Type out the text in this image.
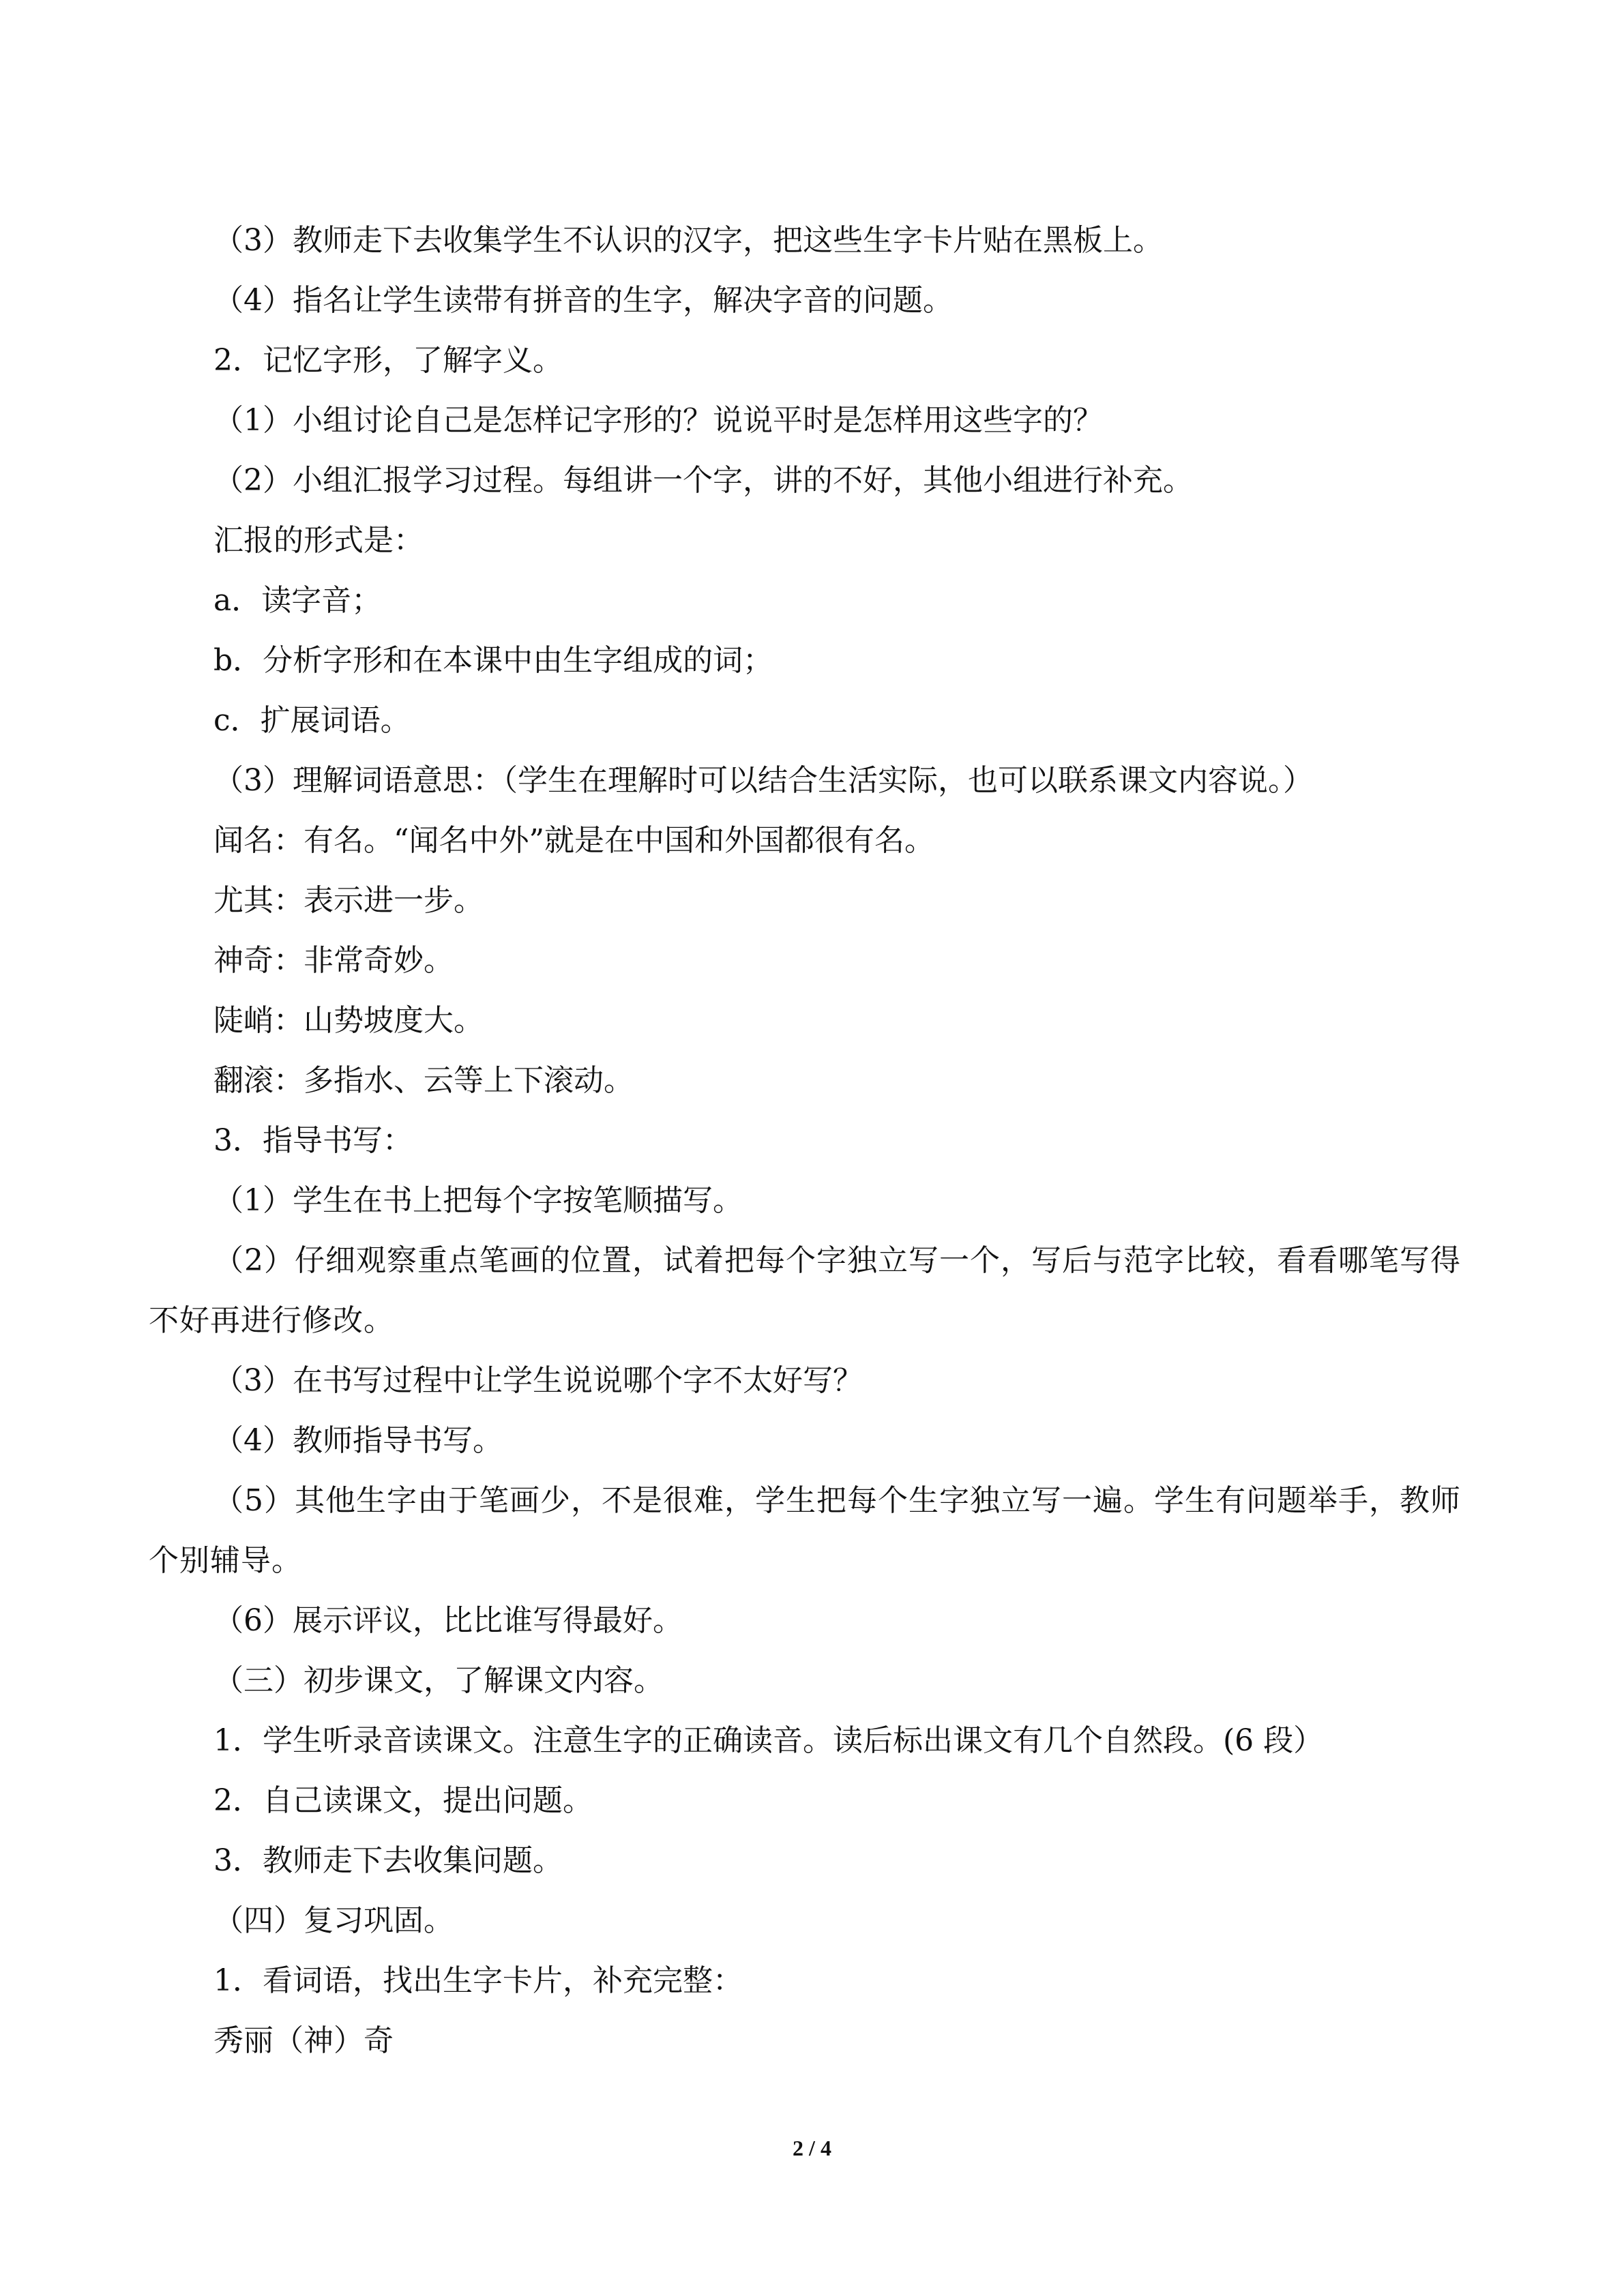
（3）教师走下去收集学生不认识的汉字，把这些生字卡片贴在黑板上。
（4）指名让学生读带有拼音的生字，解决字音的问题。
2．记忆字形，了解字义。
（1）小组讨论自己是怎样记字形的？说说平时是怎样用这些字的？
（2）小组汇报学习过程。每组讲一个字，讲的不好，其他小组进行补充。
汇报的形式是：
a．读字音；
b．分析字形和在本课中由生字组成的词；
c．扩展词语。
（3）理解词语意思：（学生在理解时可以结合生活实际，也可以联系课文内容说。）
闻名：有名。“闻名中外”就是在中国和外国都很有名。
尤其：表示进一步。
神奇：非常奇妙。
陡峭：山势坡度大。
翻滚：多指水、云等上下滚动。
3．指导书写：
（1）学生在书上把每个字按笔顺描写。
（2）仔细观察重点笔画的位置，试着把每个字独立写一个，写后与范字比较，看看哪笔写得不好再进行修改。
（3）在书写过程中让学生说说哪个字不太好写？
（4）教师指导书写。
（5）其他生字由于笔画少，不是很难，学生把每个生字独立写一遍。学生有问题举手，教师个别辅导。
（6）展示评议，比比谁写得最好。
（三）初步课文，了解课文内容。
1．学生听录音读课文。注意生字的正确读音。读后标出课文有几个自然段。(6 段）
2．自己读课文，提出问题。
3．教师走下去收集问题。
（四）复习巩固。
1．看词语，找出生字卡片，补充完整：
秀丽（神）奇
2 / 4
